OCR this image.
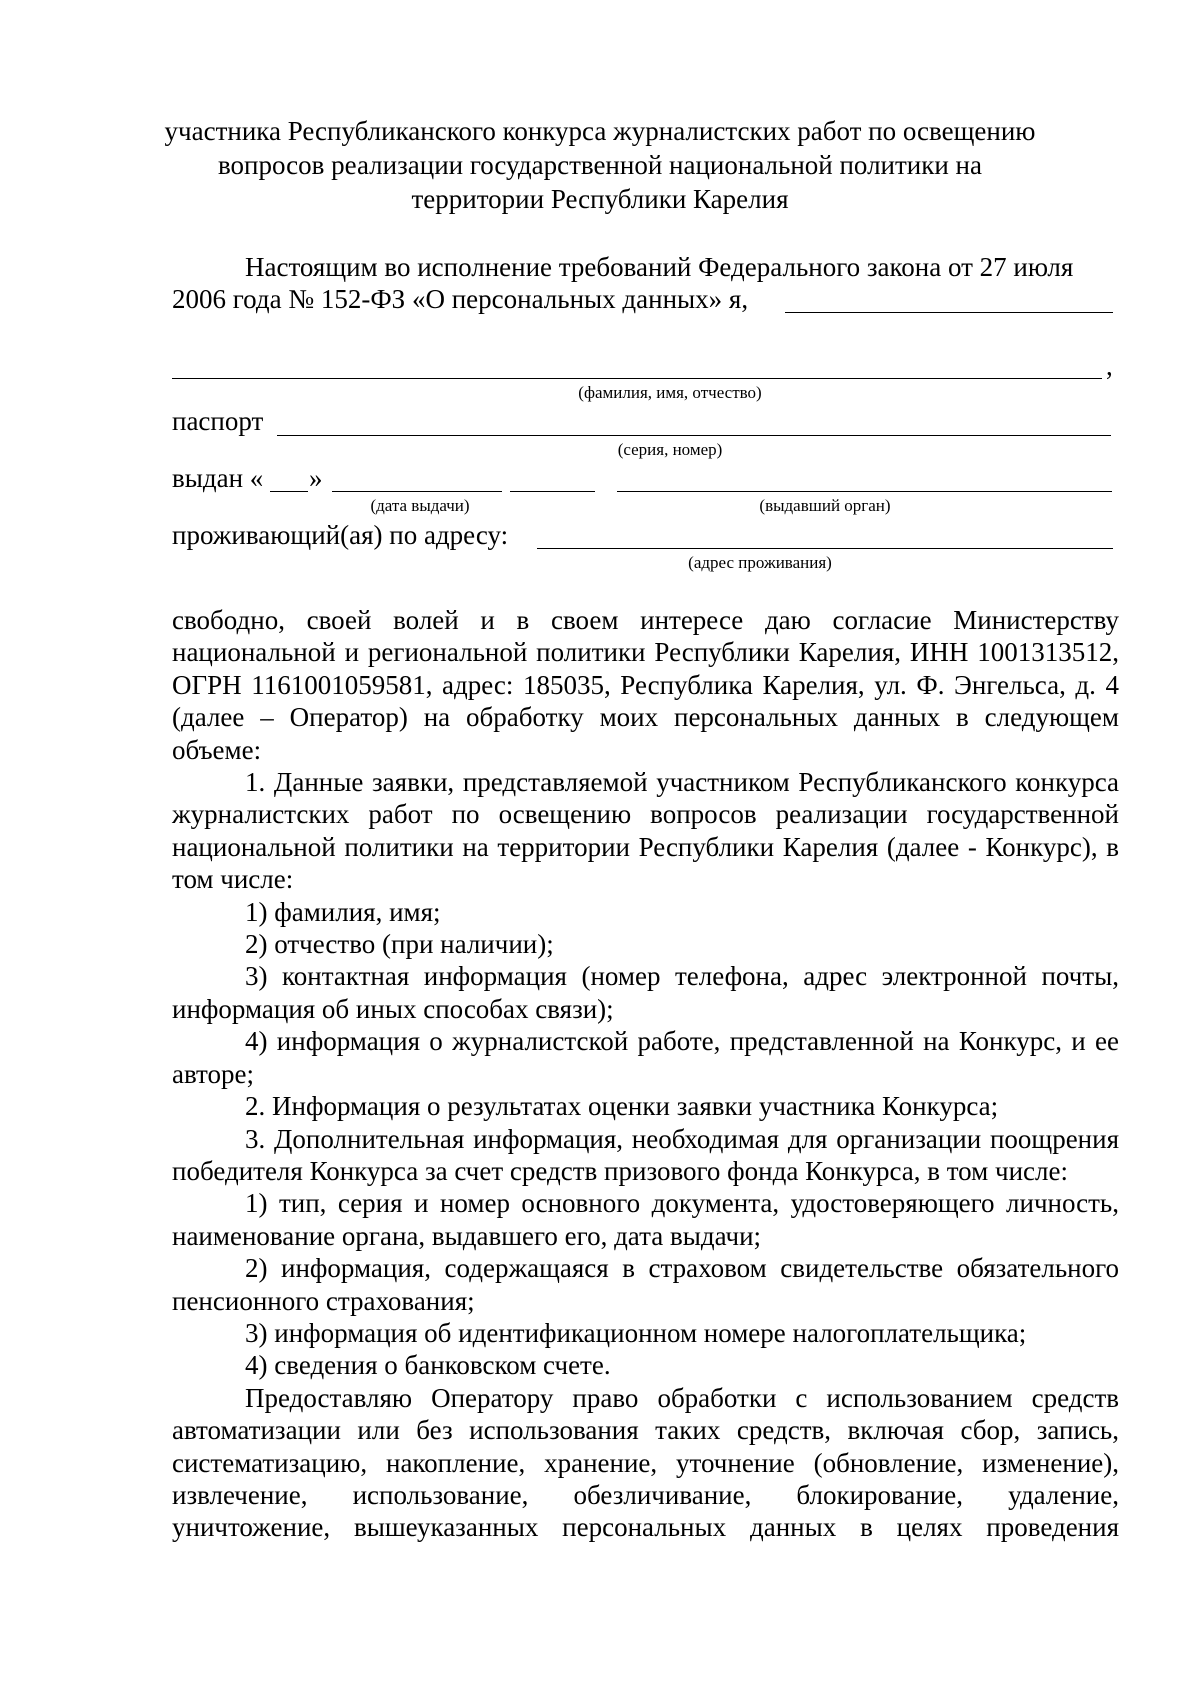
участника Республиканского конкурса журналистских работ по освещению
вопросов реализации государственной национальной политики на
территории Республики Карелия
Настоящим во исполнение требований Федерального закона от 27 июля
2006 года № 152-ФЗ «О персональных данных» я,
,
(фамилия, имя, отчество)
паспорт
(серия, номер)
выдан « »
(дата выдачи)	(выдавший орган)
проживающий(ая) по адресу:
(адрес проживания)

свободно, своей волей и в своем интересе даю согласие Министерству национальной и региональной политики Республики Карелия, ИНН 1001313512, ОГРН 1161001059581, адрес: 185035, Республика Карелия, ул. Ф. Энгельса, д. 4 (далее – Оператор) на обработку моих персональных данных в следующем объеме:

1. Данные заявки, представляемой участником Республиканского конкурса журналистских работ по освещению вопросов реализации государственной национальной политики на территории Республики Карелия (далее - Конкурс), в том числе:

1) фамилия, имя;

2) отчество (при наличии);

3) контактная информация (номер телефона, адрес электронной почты, информация об иных способах связи);

4) информация о журналистской работе, представленной на Конкурс, и ее авторе;

2. Информация о результатах оценки заявки участника Конкурса;

3. Дополнительная информация, необходимая для организации поощрения победителя Конкурса за счет средств призового фонда Конкурса, в том числе:

1) тип, серия и номер основного документа, удостоверяющего личность, наименование органа, выдавшего его, дата выдачи;

2) информация, содержащаяся в страховом свидетельстве обязательного пенсионного страхования;

3) информация об идентификационном номере налогоплательщика;

4) сведения о банковском счете.

Предоставляю Оператору право обработки с использованием средств автоматизации или без использования таких средств, включая сбор, запись, систематизацию, накопление, хранение, уточнение (обновление, изменение), извлечение, использование, обезличивание, блокирование, удаление, уничтожение, вышеуказанных персональных данных в целях проведения
